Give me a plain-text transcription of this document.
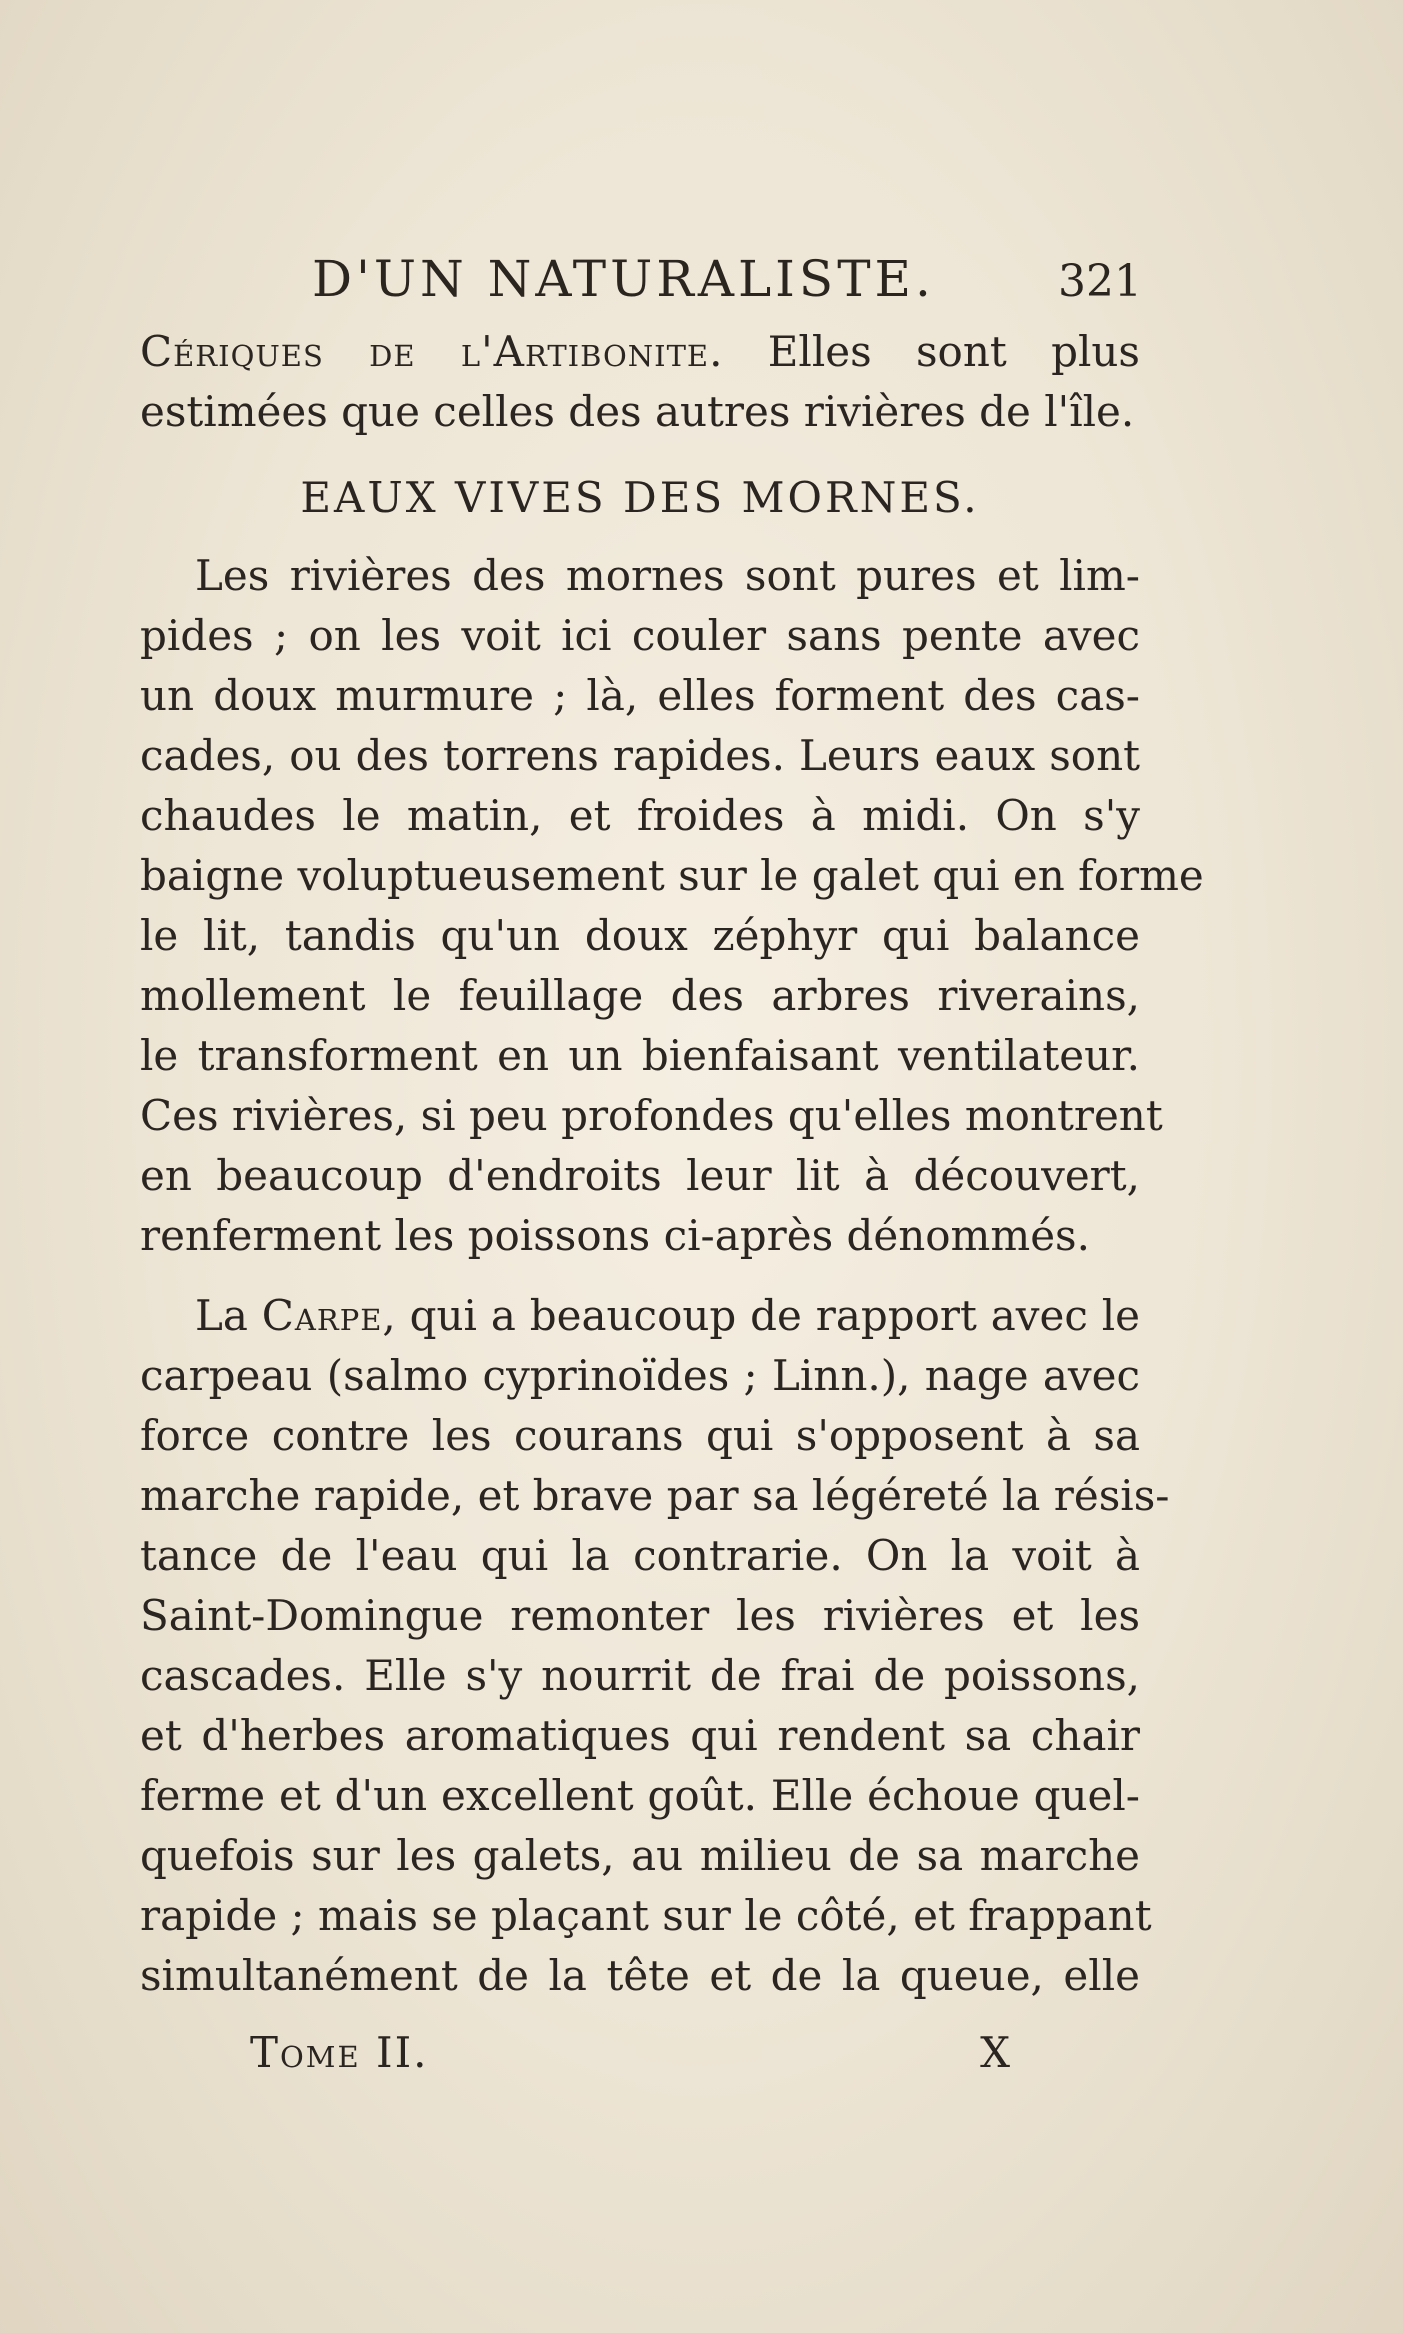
D'UN NATURALISTE.	321
Cériques de l'Artibonite. Elles sont plus
estimées que celles des autres rivières de l'île.
EAUX VIVES DES MORNES.
Les rivières des mornes sont pures et lim-
pides ; on les voit ici couler sans pente avec
un doux murmure ; là, elles forment des cas-
cades, ou des torrens rapides. Leurs eaux sont
chaudes le matin, et froides à midi. On s'y
baigne voluptueusement sur le galet qui en forme
le lit, tandis qu'un doux zéphyr qui balance
mollement le feuillage des arbres riverains,
le transforment en un bienfaisant ventilateur.
Ces rivières, si peu profondes qu'elles montrent
en beaucoup d'endroits leur lit à découvert,
renferment les poissons ci-après dénommés.
La Carpe, qui a beaucoup de rapport avec le
carpeau (salmo cyprinoïdes ; Linn.), nage avec
force contre les courans qui s'opposent à sa
marche rapide, et brave par sa légéreté la résis-
tance de l'eau qui la contrarie. On la voit à
Saint-Domingue remonter les rivières et les
cascades. Elle s'y nourrit de frai de poissons,
et d'herbes aromatiques qui rendent sa chair
ferme et d'un excellent goût. Elle échoue quel-
quefois sur les galets, au milieu de sa marche
rapide ; mais se plaçant sur le côté, et frappant
simultanément de la tête et de la queue, elle
Tome II.	X
